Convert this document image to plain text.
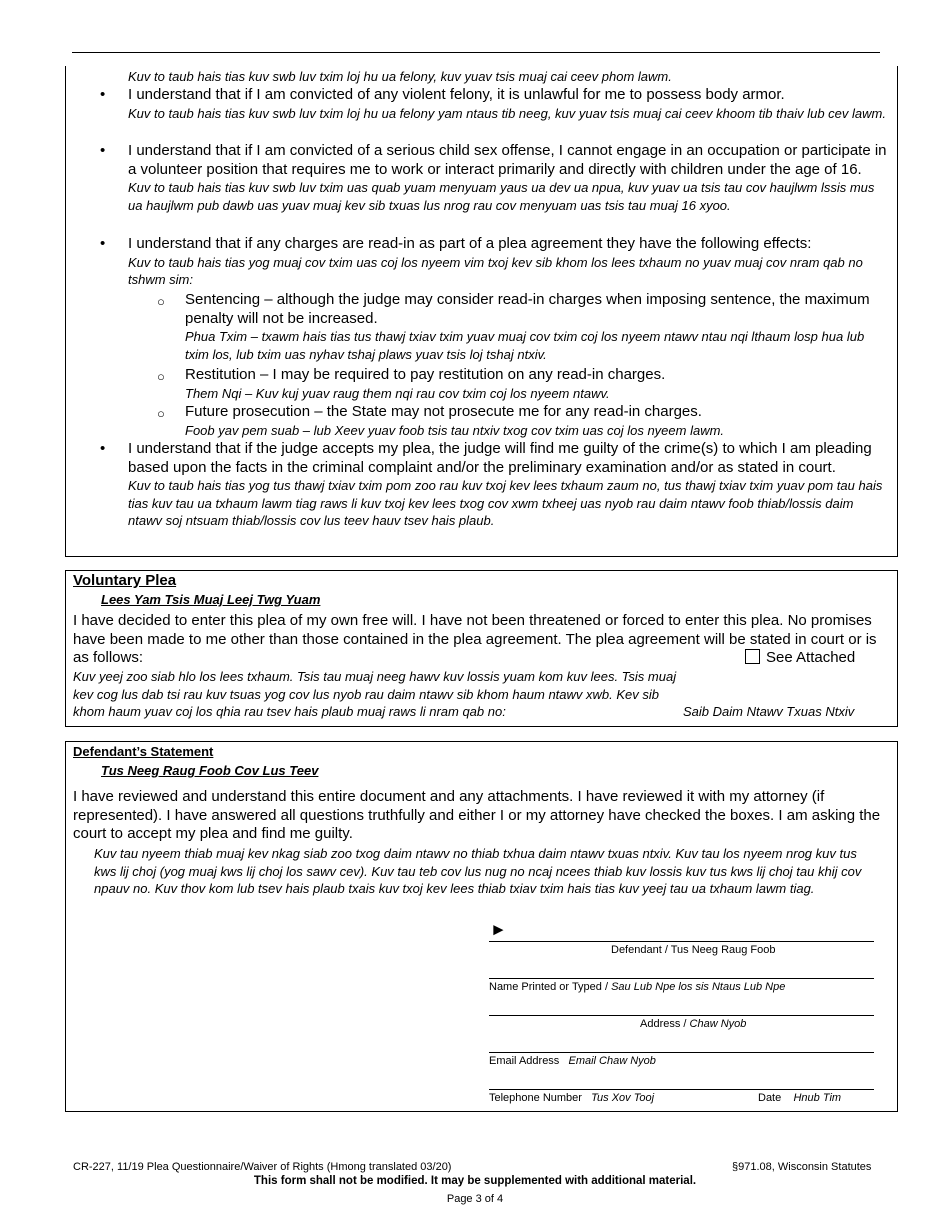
Kuv to taub hais tias kuv swb luv txim loj hu ua felony, kuv yuav tsis muaj cai ceev phom lawm.
• I understand that if I am convicted of any violent felony, it is unlawful for me to possess body armor.
Kuv to taub hais tias kuv swb luv txim loj hu ua felony yam ntaus tib neeg, kuv yuav tsis muaj cai ceev khoom tib thaiv lub cev lawm.
• I understand that if I am convicted of a serious child sex offense, I cannot engage in an occupation or participate in a volunteer position that requires me to work or interact primarily and directly with children under the age of 16.
Kuv to taub hais tias kuv swb luv txim uas quab yuam menyuam yaus ua dev ua npua, kuv yuav ua tsis tau cov haujlwm lssis mus ua haujlwm pub dawb uas yuav muaj kev sib txuas lus nrog rau cov menyuam uas tsis tau muaj 16 xyoo.
• I understand that if any charges are read-in as part of a plea agreement they have the following effects:
Kuv to taub hais tias yog muaj cov txim uas coj los nyeem vim txoj kev sib khom los lees txhaum no yuav muaj cov nram qab no tshwm sim:
○ Sentencing – although the judge may consider read-in charges when imposing sentence, the maximum penalty will not be increased.
Phua Txim – txawm hais tias tus thawj txiav txim yuav muaj cov txim coj los nyeem ntawv ntau nqi lthaum losp hua lub txim los, lub txim uas nyhav tshaj plaws yuav tsis loj tshaj ntxiv.
○ Restitution – I may be required to pay restitution on any read-in charges.
Them Nqi – Kuv kuj yuav raug them nqi rau cov txim coj los nyeem ntawv.
○ Future prosecution – the State may not prosecute me for any read-in charges.
Foob yav pem suab – lub Xeev yuav foob tsis tau ntxiv txog cov txim uas coj los nyeem lawm.
• I understand that if the judge accepts my plea, the judge will find me guilty of the crime(s) to which I am pleading based upon the facts in the criminal complaint and/or the preliminary examination and/or as stated in court.
Kuv to taub hais tias yog tus thawj txiav txim pom zoo rau kuv txoj kev lees txhaum zaum no, tus thawj txiav txim yuav pom tau hais tias kuv tau ua txhaum lawm tiag raws li kuv txoj kev lees txog cov xwm txheej uas nyob rau daim ntawv foob thiab/lossis daim ntawv soj ntsuam thiab/lossis cov lus teev hauv tsev hais plaub.
Voluntary Plea
Lees Yam Tsis Muaj Leej Twg Yuam
I have decided to enter this plea of my own free will. I have not been threatened or forced to enter this plea. No promises have been made to me other than those contained in the plea agreement. The plea agreement will be stated in court or is as follows:	See Attached
Kuv yeej zoo siab hlo los lees txhaum. Tsis tau muaj neeg hawv kuv lossis yuam kom kuv lees. Tsis muaj kev cog lus dab tsi rau kuv tsuas yog cov lus nyob rau daim ntawv sib khom haum ntawv xwb. Kev sib khom haum yuav coj los qhia rau tsev hais plaub muaj raws li nram qab no:	Saib Daim Ntawv Txuas Ntxiv
Defendant’s Statement
Tus Neeg Raug Foob Cov Lus Teev
I have reviewed and understand this entire document and any attachments. I have reviewed it with my attorney (if represented). I have answered all questions truthfully and either I or my attorney have checked the boxes. I am asking the court to accept my plea and find me guilty.
Kuv tau nyeem thiab muaj kev nkag siab zoo txog daim ntawv no thiab txhua daim ntawv txuas ntxiv. Kuv tau los nyeem nrog kuv tus kws lij choj (yog muaj kws lij choj los sawv cev). Kuv tau teb cov lus nug no ncaj ncees thiab kuv lossis kuv tus kws lij choj tau khij cov npauv no. Kuv thov kom lub tsev hais plaub txais kuv txoj kev lees thiab txiav txim hais tias kuv yeej tau ua txhaum lawm tiag.
►
Defendant / Tus Neeg Raug Foob
Name Printed or Typed / Sau Lub Npe los sis Ntaus Lub Npe
Address / Chaw Nyob
Email Address Email Chaw Nyob
Telephone Number Tus Xov Tooj	Date Hnub Tim
CR-227, 11/19 Plea Questionnaire/Waiver of Rights (Hmong translated 03/20)	§971.08, Wisconsin Statutes
This form shall not be modified. It may be supplemented with additional material.
Page 3 of 4
